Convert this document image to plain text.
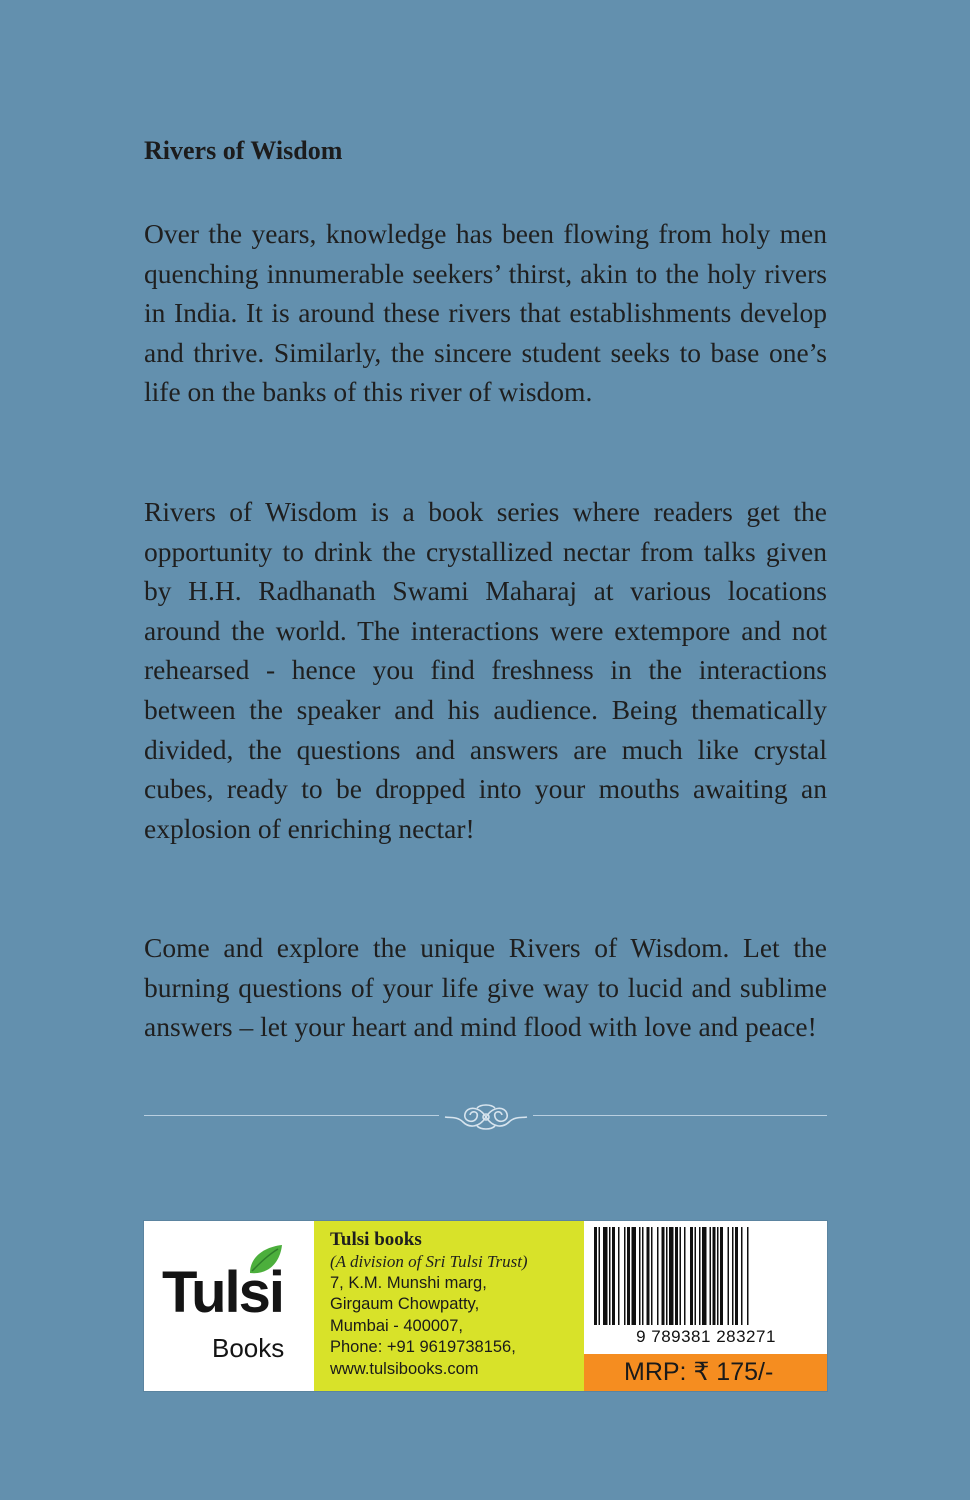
Rivers of Wisdom

Over the years, knowledge has been flowing from holy men quenching innumerable seekers’ thirst, akin to the holy rivers in India. It is around these rivers that establishments develop and thrive. Similarly, the sincere student seeks to base one’s life on the banks of this river of wisdom.

Rivers of Wisdom is a book series where readers get the opportunity to drink the crystallized nectar from talks given by H.H. Radhanath Swami Maharaj at various locations around the world. The interactions were extempore and not rehearsed - hence you find freshness in the interactions between the speaker and his audience. Being thematically divided, the questions and answers are much like crystal cubes, ready to be dropped into your mouths awaiting an explosion of enriching nectar!

Come and explore the unique Rivers of Wisdom. Let the burning questions of your life give way to lucid and sublime answers – let your heart and mind flood with love and peace!

Tulsi
Books

Tulsi books

(A division of Sri Tulsi Trust)

7, K.M. Munshi marg,

Girgaum Chowpatty,

Mumbai - 400007,

Phone: +91 9619738156,

www.tulsibooks.com

9 789381 283271
MRP: ₹ 175/-
